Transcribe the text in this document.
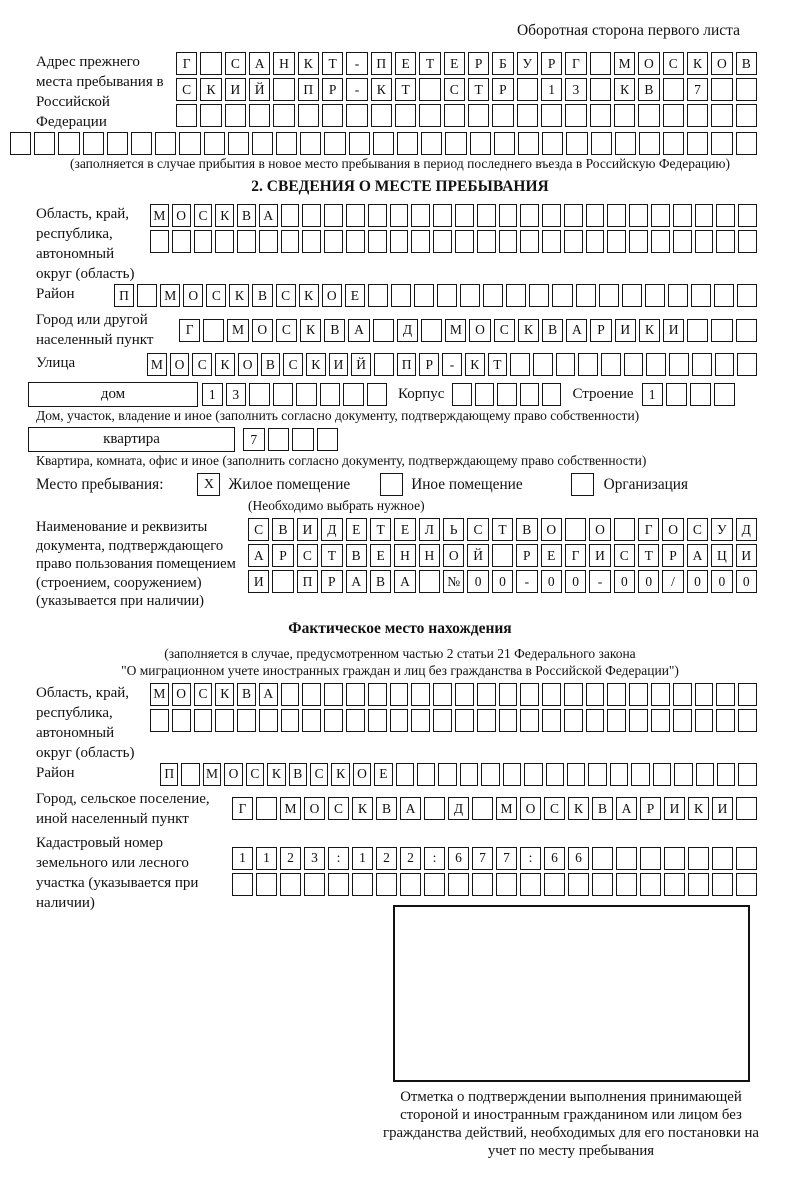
Оборотная сторона первого листа
Адрес прежнего места пребывания в Российской Федерации
Г	С	А	Н	К	Т	-	П	Е	Т	Е	Р	Б	У	Р	Г	М О	С	К	О	В
С	К	И	Й	П	Р	-	К	Т	С	Т	Р	1	3	К	В	7
(заполняется в случае прибытия в новое место пребывания в период последнего въезда в Российскую Федерацию)
2. СВЕДЕНИЯ О МЕСТЕ ПРЕБЫВАНИЯ
Область, край, республика, автономный округ (область)
М О С К В А
Район	П	М О	С	К	В	С	К	О	Е
Город или другой населенный пункт
Г	М О	С	К	В	А	Д	М О	С	К	В	А	Р	И	К	И
Улица	М О С	К О В	С	К И Й	П	Р	-	К	Т
дом	1	3	Корпус	Строение	1
Дом, участок, владение и иное (заполнить согласно документу, подтверждающему право собственности)
квартира	7
Квартира, комната, офис и иное (заполнить согласно документу, подтверждающему право собственности)
Место пребывания:	X Жилое помещение	Иное помещение	Организация
(Необходимо выбрать нужное)
Наименование и реквизиты документа, подтверждающего право пользования помещением (строением, сооружением) (указывается при наличии)
С	В	И	Д	Е	Т	Е	Л	Ь	С	Т	В	О	О	Г	О	С	У	Д
А	Р	С	Т	В	Е	Н	Н	О	Й	Р	Е	Г	И	С	Т	Р	А	Ц	И
И	П	Р	А	В	А	№	0	0	-	0	0	-	0	0	/	0	0	0
Фактическое место нахождения
(заполняется в случае, предусмотренном частью 2 статьи 21 Федерального закона
"О миграционном учете иностранных граждан и лиц без гражданства в Российской Федерации")
Область, край, республика, автономный округ (область)
М О С К В А
Район	П	М О С К В С К О Е
Город, сельское поселение, иной населенный пункт
Г	М О	С	К	В	А	Д	М О	С	К	В	А	Р	И	К	И
Кадастровый номер земельного или лесного участка (указывается при наличии)
1	1	2	3	:	1	2	2	:	6	7	7	:	6	6
Отметка о подтверждении выполнения принимающей стороной и иностранным гражданином или лицом без гражданства действий, необходимых для его постановки на учет по месту пребывания
